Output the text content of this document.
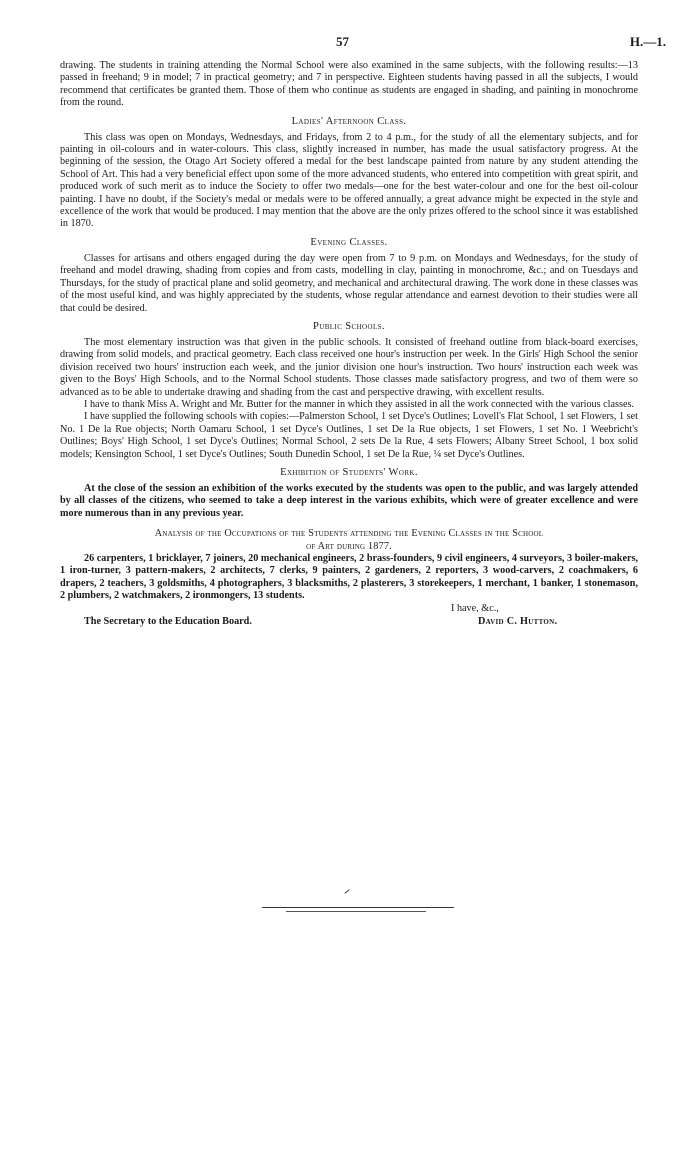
57	H.—1.

drawing. The students in training attending the Normal School were also examined in the same subjects, with the following results:—13 passed in freehand; 9 in model; 7 in practical geometry; and 7 in perspective. Eighteen students having passed in all the subjects, I would recommend that certificates be granted them. Those of them who continue as students are engaged in shading, and painting in monochrome from the round.

Ladies' Afternoon Class.

This class was open on Mondays, Wednesdays, and Fridays, from 2 to 4 p.m., for the study of all the elementary subjects, and for painting in oil-colours and in water-colours. This class, slightly increased in number, has made the usual satisfactory progress. At the beginning of the session, the Otago Art Society offered a medal for the best landscape painted from nature by any student attending the School of Art. This had a very beneficial effect upon some of the more advanced students, who entered into competition with great spirit, and produced work of such merit as to induce the Society to offer two medals—one for the best water-colour and one for the best oil-colour painting. I have no doubt, if the Society's medal or medals were to be offered annually, a great advance might be expected in the style and excellence of the work that would be produced. I may mention that the above are the only prizes offered to the school since it was established in 1870.

Evening Classes.

Classes for artisans and others engaged during the day were open from 7 to 9 p.m. on Mondays and Wednesdays, for the study of freehand and model drawing, shading from copies and from casts, modelling in clay, painting in monochrome, &c.; and on Tuesdays and Thursdays, for the study of practical plane and solid geometry, and mechanical and architectural drawing. The work done in these classes was of the most useful kind, and was highly appreciated by the students, whose regular attendance and earnest devotion to their studies were all that could be desired.

Public Schools.

The most elementary instruction was that given in the public schools. It consisted of freehand outline from black-board exercises, drawing from solid models, and practical geometry. Each class received one hour's instruction per week. In the Girls' High School the senior division received two hours' instruction each week, and the junior division one hour's instruction. Two hours' instruction each week was given to the Boys' High Schools, and to the Normal School students. Those classes made satisfactory progress, and two of them were so advanced as to be able to undertake drawing and shading from the cast and perspective drawing, with excellent results.

I have to thank Miss A. Wright and Mr. Butter for the manner in which they assisted in all the work connected with the various classes.

I have supplied the following schools with copies:—Palmerston School, 1 set Dyce's Outlines; Lovell's Flat School, 1 set Flowers, 1 set No. 1 De la Rue objects; North Oamaru School, 1 set Dyce's Outlines, 1 set De la Rue objects, 1 set Flowers, 1 set No. 1 Weebricht's Outlines; Boys' High School, 1 set Dyce's Outlines; Normal School, 2 sets De la Rue, 4 sets Flowers; Albany Street School, 1 box solid models; Kensington School, 1 set Dyce's Outlines; South Dunedin School, 1 set De la Rue, ¼ set Dyce's Outlines.

Exhibition of Students' Work.

At the close of the session an exhibition of the works executed by the students was open to the public, and was largely attended by all classes of the citizens, who seemed to take a deep interest in the various exhibits, which were of greater excellence and were more numerous than in any previous year.

Analysis of the Occupations of the Students attending the Evening Classes in the School
of Art during 1877.

26 carpenters, 1 bricklayer, 7 joiners, 20 mechanical engineers, 2 brass-founders, 9 civil engineers, 4 surveyors, 3 boiler-makers, 1 iron-turner, 3 pattern-makers, 2 architects, 7 clerks, 9 painters, 2 gardeners, 2 reporters, 3 wood-carvers, 2 coachmakers, 6 drapers, 2 teachers, 3 goldsmiths, 4 photographers, 3 blacksmiths, 2 plasterers, 3 storekeepers, 1 merchant, 1 banker, 1 stonemason, 2 plumbers, 2 watchmakers, 2 ironmongers, 13 students.

I have, &c.,
The Secretary to the Education Board.	David C. Hutton.
